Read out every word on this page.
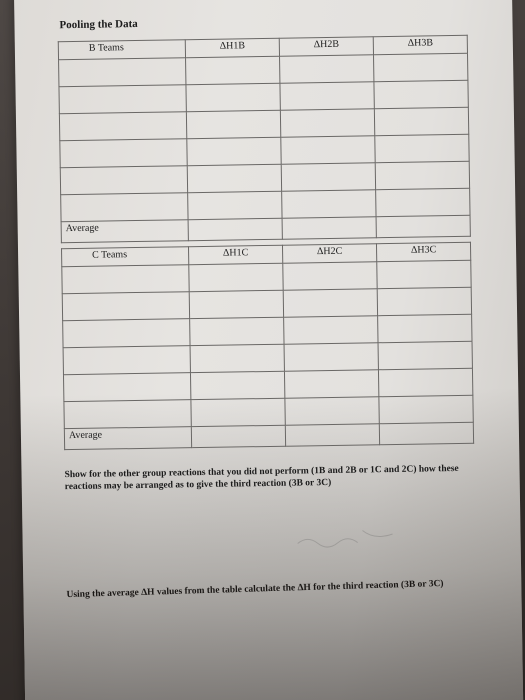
Pooling the Data

B Teams	ΔH1B	ΔH2B	ΔH3B

Average			
C Teams	ΔH1C	ΔH2C	ΔH3C

Average			

Show for the other group reactions that you did not perform (1B and 2B or 1C and 2C) how these reactions may be arranged as to give the third reaction (3B or 3C)

Using the average ΔH values from the table calculate the ΔH for the third reaction (3B or 3C)
